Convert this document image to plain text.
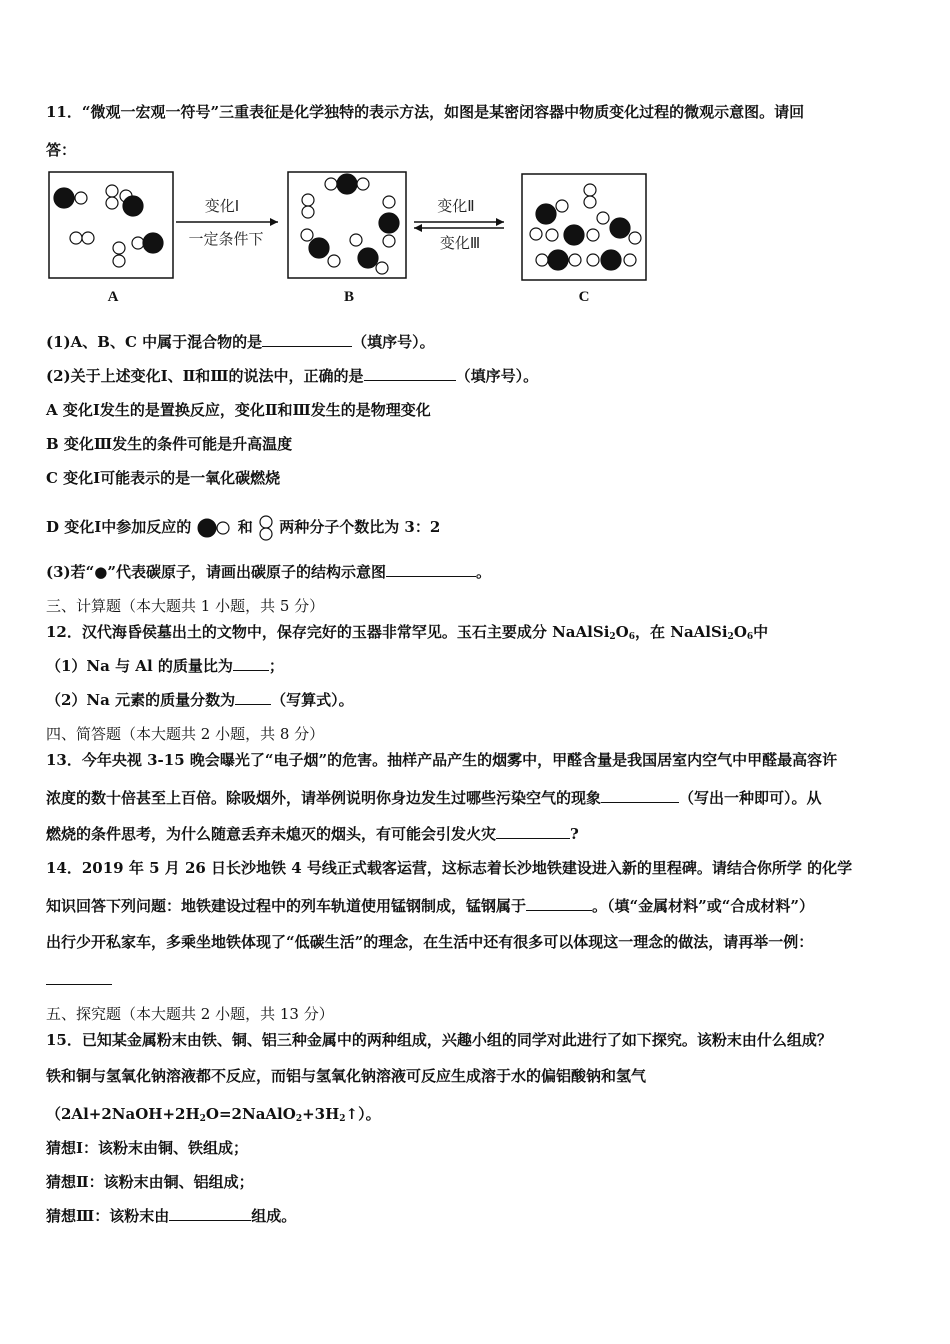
11．“微观一宏观一符号”三重表征是化学独特的表示方法，如图是某密闭容器中物质变化过程的微观示意图。请回
答：
A
变化Ⅰ
一定条件下
B
变化Ⅱ
变化Ⅲ
C
(1)A、B、C 中属于混合物的是	（填序号）。
(2)关于上述变化Ⅰ、Ⅱ和Ⅲ的说法中，正确的是	（填序号）。
A 变化Ⅰ发生的是置换反应，变化Ⅱ和Ⅲ发生的是物理变化
B 变化Ⅲ发生的条件可能是升高温度
C 变化Ⅰ可能表示的是一氧化碳燃烧
D 变化Ⅰ中参加反应的	和 两种分子个数比为 3：2
(3)若“●”代表碳原子，请画出碳原子的结构示意图	。
三、计算题（本大题共 1 小题，共 5 分）
12．汉代海昏侯墓出土的文物中，保存完好的玉器非常罕见。玉石主要成分 $NaAlSi_2O_6$，在 $NaAlSi_2O_6$中
（1）Na 与 Al 的质量比为 ；
（2）Na 元素的质量分数为 （写算式）。
四、简答题（本大题共 2 小题，共 8 分）
13．今年央视 3-15 晚会曝光了“电子烟”的危害。抽样产品产生的烟雾中，甲醛含量是我国居室内空气中甲醛最高容许
浓度的数十倍甚至上百倍。除吸烟外，请举例说明你身边发生过哪些污染空气的现象	（写出一种即可）。从
燃烧的条件思考，为什么随意丢弃未熄灭的烟头，有可能会引发火灾	?
14．2019 年 5 月 26 日长沙地铁 4 号线正式载客运营，这标志着长沙地铁建设进入新的里程碑。请结合你所学 的化学
知识回答下列问题：地铁建设过程中的列车轨道使用锰钢制成，锰钢属于	。（填“金属材料”或“合成材料”）
出行少开私家车，多乘坐地铁体现了“低碳生活”的理念，在生活中还有很多可以体现这一理念的做法，请再举一例：
五、探究题（本大题共 2 小题，共 13 分）
15．已知某金属粉末由铁、铜、铝三种金属中的两种组成，兴趣小组的同学对此进行了如下探究。该粉末由什么组成？
铁和铜与氢氧化钠溶液都不反应，而铝与氢氧化钠溶液可反应生成溶于水的偏铝酸钠和氢气
$(2Al+2NaOH+2H_2O=2NaAlO_2+3H_2↑)$。
猜想Ⅰ：该粉末由铜、铁组成；
猜想Ⅱ：该粉末由铜、铝组成；
猜想Ⅲ：该粉末由	组成。
